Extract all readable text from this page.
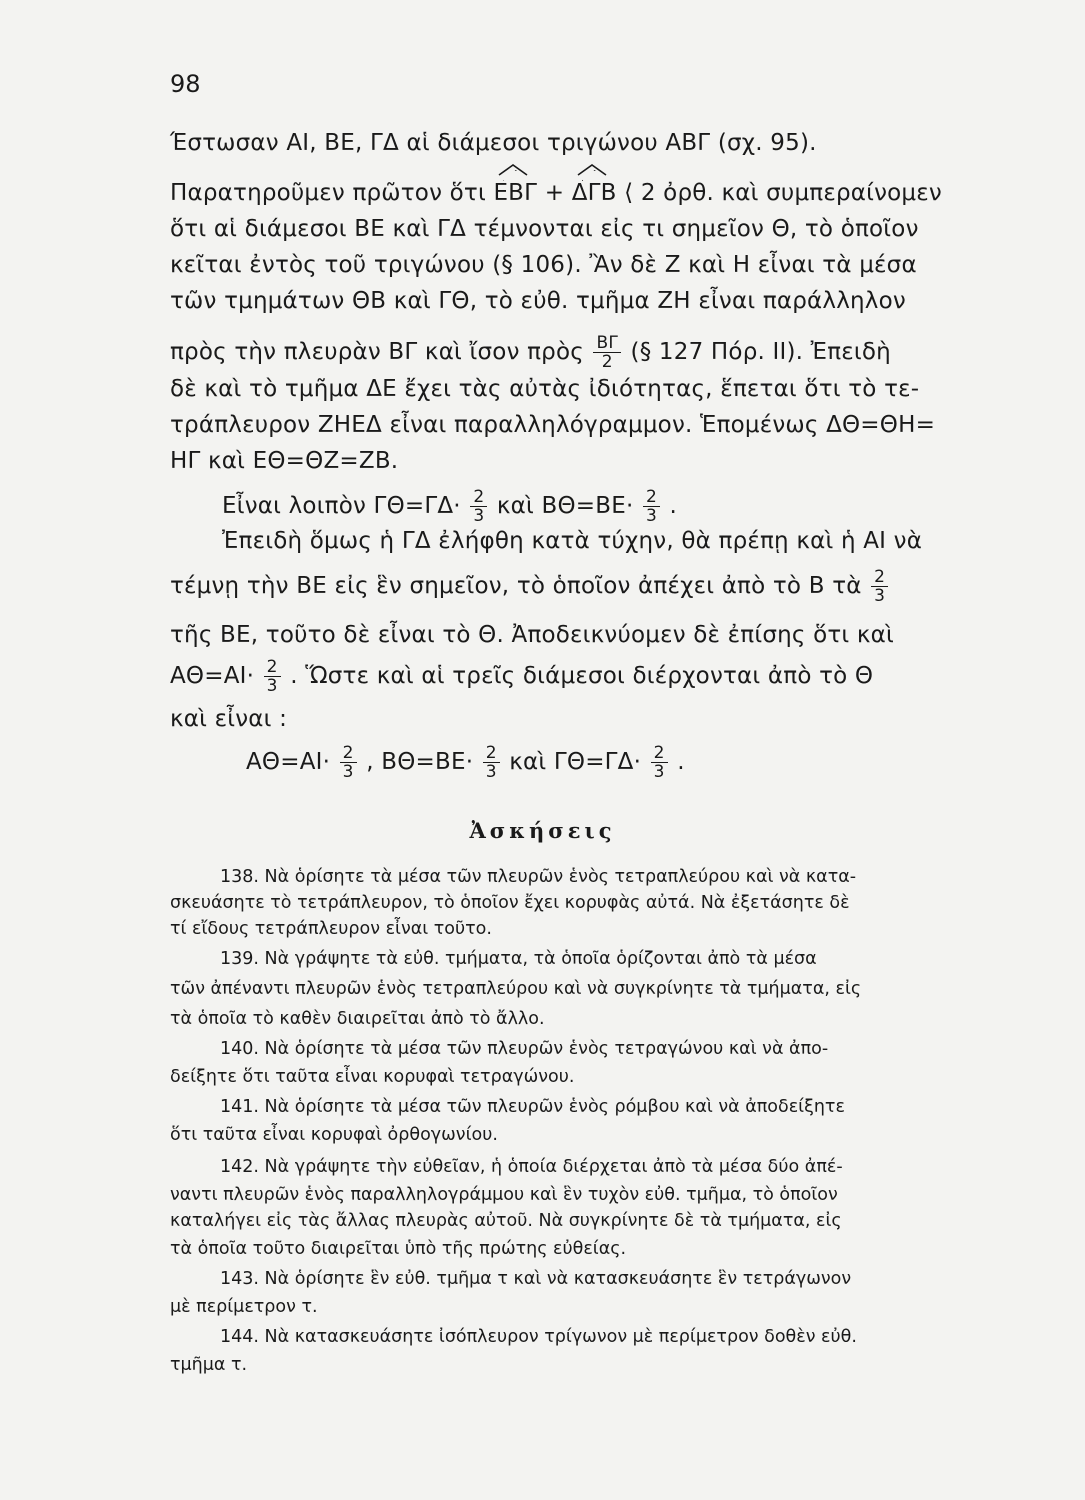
98
Έστωσαν ΑΙ, ΒΕ, ΓΔ αἱ διάμεσοι τριγώνου ΑΒΓ (σχ. 95).
Παρατηροῦμεν πρῶτον ὅτι ΕΒΓ + ΔΓΒ ⟨ 2 ὀρθ. καὶ συμπεραίνομεν
ὅτι αἱ διάμεσοι ΒΕ καὶ ΓΔ τέμνονται εἰς τι σημεῖον Θ, τὸ ὁποῖον
κεῖται ἐντὸς τοῦ τριγώνου (§ 106). Ἂν δὲ Ζ καὶ Η εἶναι τὰ μέσα
τῶν τμημάτων ΘΒ καὶ ΓΘ, τὸ εὐθ. τμῆμα ΖΗ εἶναι παράλληλον
πρὸς τὴν πλευρὰν ΒΓ καὶ ἴσον πρὸς $\frac{B\Gamma}{2}$ (§ 127 Πόρ. ΙΙ). Ἐπειδὴ
δὲ καὶ τὸ τμῆμα ΔΕ ἔχει τὰς αὐτὰς ἰδιότητας, ἕπεται ὅτι τὸ τε-
τράπλευρον ΖΗΕΔ εἶναι παραλληλόγραμμον. Ἑπομένως ΔΘ=ΘΗ=
ΗΓ καὶ ΕΘ=ΘΖ=ΖΒ.
Εἶναι λοιπὸν $\Gamma\Theta=\Gamma\Delta\cdot \frac{2}{3}$ καὶ $B\Theta=BE\cdot \frac{2}{3}$ .
Ἐπειδὴ ὅμως ἡ ΓΔ ἐλήφθη κατὰ τύχην, θὰ πρέπῃ καὶ ἡ ΑΙ νὰ
τέμνῃ τὴν ΒΕ εἰς ἓν σημεῖον, τὸ ὁποῖον ἀπέχει ἀπὸ τὸ Β τὰ $\frac{2}{3}$
τῆς ΒΕ, τοῦτο δὲ εἶναι τὸ Θ. Ἀποδεικνύομεν δὲ ἐπίσης ὅτι καὶ
$A\Theta=AI\cdot \frac{2}{3}$ . Ὥστε καὶ αἱ τρεῖς διάμεσοι διέρχονται ἀπὸ τὸ Θ
καὶ εἶναι :
$A\Theta=AI\cdot \frac{2}{3}$ , $B\Theta=BE\cdot \frac{2}{3}$ καὶ $\Gamma\Theta=\Gamma\Delta\cdot \frac{2}{3}$ .
Ἀσκήσεις
138. Νὰ ὁρίσητε τὰ μέσα τῶν πλευρῶν ἑνὸς τετραπλεύρου καὶ νὰ κατα-
σκευάσητε τὸ τετράπλευρον, τὸ ὁποῖον ἔχει κορυφὰς αὐτά. Νὰ ἐξετάσητε δὲ
τί εἴδους τετράπλευρον εἶναι τοῦτο.
139. Νὰ γράψητε τὰ εὐθ. τμήματα, τὰ ὁποῖα ὁρίζονται ἀπὸ τὰ μέσα
τῶν ἀπέναντι πλευρῶν ἑνὸς τετραπλεύρου καὶ νὰ συγκρίνητε τὰ τμήματα, εἰς
τὰ ὁποῖα τὸ καθὲν διαιρεῖται ἀπὸ τὸ ἄλλο.
140. Νὰ ὁρίσητε τὰ μέσα τῶν πλευρῶν ἑνὸς τετραγώνου καὶ νὰ ἀπο-
δείξητε ὅτι ταῦτα εἶναι κορυφαὶ τετραγώνου.
141. Νὰ ὁρίσητε τὰ μέσα τῶν πλευρῶν ἑνὸς ρόμβου καὶ νὰ ἀποδείξητε
ὅτι ταῦτα εἶναι κορυφαὶ ὀρθογωνίου.
142. Νὰ γράψητε τὴν εὐθεῖαν, ἡ ὁποία διέρχεται ἀπὸ τὰ μέσα δύο ἀπέ-
ναντι πλευρῶν ἑνὸς παραλληλογράμμου καὶ ἓν τυχὸν εὐθ. τμῆμα, τὸ ὁποῖον
καταλήγει εἰς τὰς ἄλλας πλευρὰς αὐτοῦ. Νὰ συγκρίνητε δὲ τὰ τμήματα, εἰς
τὰ ὁποῖα τοῦτο διαιρεῖται ὑπὸ τῆς πρώτης εὐθείας.
143. Νὰ ὁρίσητε ἓν εὐθ. τμῆμα τ καὶ νὰ κατασκευάσητε ἓν τετράγωνον
μὲ περίμετρον τ.
144. Νὰ κατασκευάσητε ἰσόπλευρον τρίγωνον μὲ περίμετρον δοθὲν εὐθ.
τμῆμα τ.
